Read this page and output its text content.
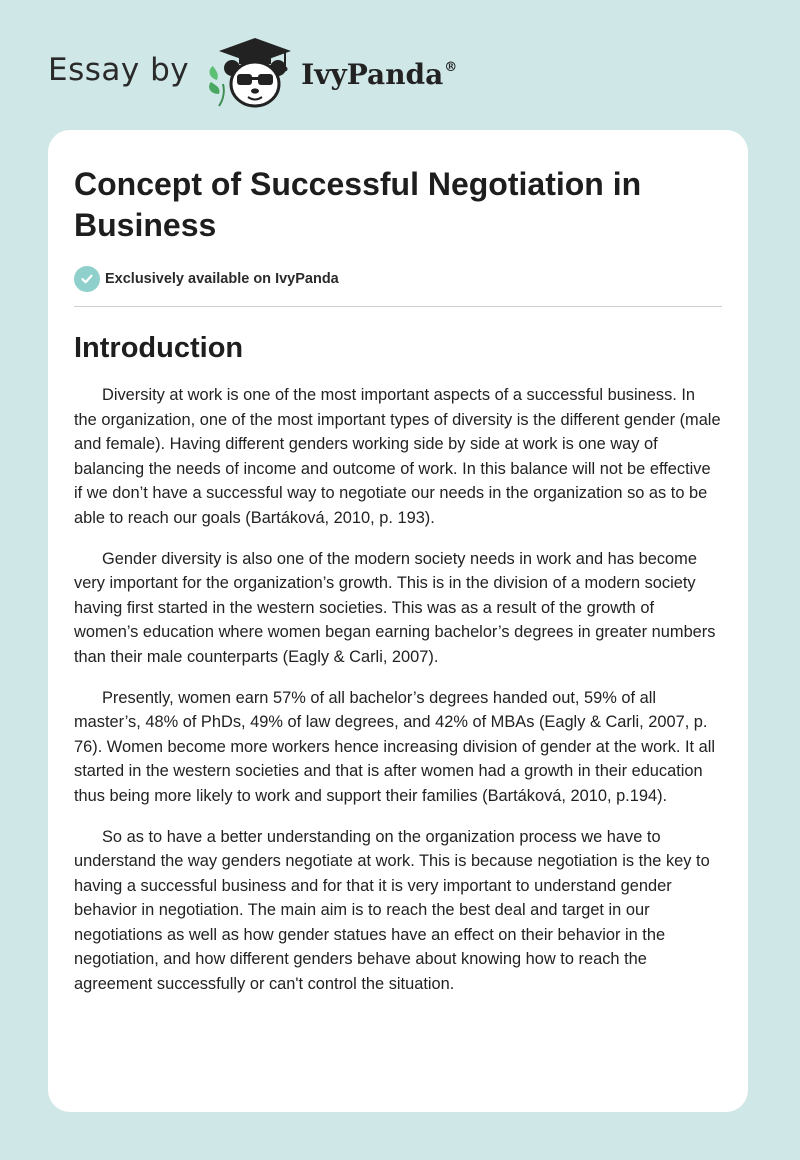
Essay by	IvyPanda ®
Concept of Successful Negotiation in Business
Exclusively available on IvyPanda
Introduction

Diversity at work is one of the most important aspects of a successful business. In the organization, one of the most important types of diversity is the different gender (male and female). Having different genders working side by side at work is one way of balancing the needs of income and outcome of work. In this balance will not be effective if we don’t have a successful way to negotiate our needs in the organization so as to be able to reach our goals (Bartáková, 2010, p. 193).

Gender diversity is also one of the modern society needs in work and has become very important for the organization’s growth. This is in the division of a modern society having first started in the western societies. This was as a result of the growth of women’s education where women began earning bachelor’s degrees in greater numbers than their male counterparts (Eagly & Carli, 2007).

Presently, women earn 57% of all bachelor’s degrees handed out, 59% of all master’s, 48% of PhDs, 49% of law degrees, and 42% of MBAs (Eagly & Carli, 2007, p. 76). Women become more workers hence increasing division of gender at the work. It all started in the western societies and that is after women had a growth in their education thus being more likely to work and support their families (Bartáková, 2010, p.194).

So as to have a better understanding on the organization process we have to understand the way genders negotiate at work. This is because negotiation is the key to having a successful business and for that it is very important to understand gender behavior in negotiation. The main aim is to reach the best deal and target in our negotiations as well as how gender statues have an effect on their behavior in the negotiation, and how different genders behave about knowing how to reach the agreement successfully or can't control the situation.
